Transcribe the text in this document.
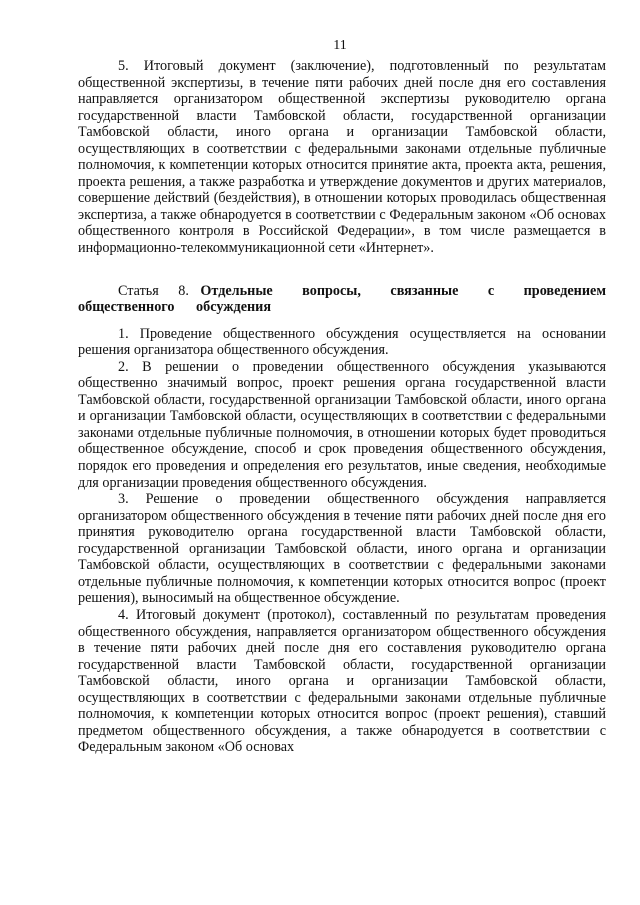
11

5. Итоговый документ (заключение), подготовленный по результатам общественной экспертизы, в течение пяти рабочих дней после дня его составления направляется организатором общественной экспертизы руководителю органа государственной власти Тамбовской области, государственной организации Тамбовской области, иного органа и организации Тамбовской области, осуществляющих в соответствии с федеральными законами отдельные публичные полномочия, к компетенции которых относится принятие акта, проекта акта, решения, проекта решения, а также разработка и утверждение документов и других материалов, совершение действий (бездействия), в отношении которых проводилась общественная экспертиза, а также обнародуется в соответствии с Федеральным законом «Об основах общественного контроля в Российской Федерации», в том числе размещается в информационно-телекоммуникационной сети «Интернет».

Статья 8. Отдельные вопросы, связанные с проведением общественного обсуждения

1. Проведение общественного обсуждения осуществляется на основании решения организатора общественного обсуждения.

2. В решении о проведении общественного обсуждения указываются общественно значимый вопрос, проект решения органа государственной власти Тамбовской области, государственной организации Тамбовской области, иного органа и организации Тамбовской области, осуществляющих в соответствии с федеральными законами отдельные публичные полномочия, в отношении которых будет проводиться общественное обсуждение, способ и срок проведения общественного обсуждения, порядок его проведения и определения его результатов, иные сведения, необходимые для организации проведения общественного обсуждения.

3. Решение о проведении общественного обсуждения направляется организатором общественного обсуждения в течение пяти рабочих дней после дня его принятия руководителю органа государственной власти Тамбовской области, государственной организации Тамбовской области, иного органа и организации Тамбовской области, осуществляющих в соответствии с федеральными законами отдельные публичные полномочия, к компетенции которых относится вопрос (проект решения), выносимый на общественное обсуждение.

4. Итоговый документ (протокол), составленный по результатам проведения общественного обсуждения, направляется организатором общественного обсуждения в течение пяти рабочих дней после дня его составления руководителю органа государственной власти Тамбовской области, государственной организации Тамбовской области, иного органа и организации Тамбовской области, осуществляющих в соответствии с федеральными законами отдельные публичные полномочия, к компетенции которых относится вопрос (проект решения), ставший предметом общественного обсуждения, а также обнародуется в соответствии с Федеральным законом «Об основах
